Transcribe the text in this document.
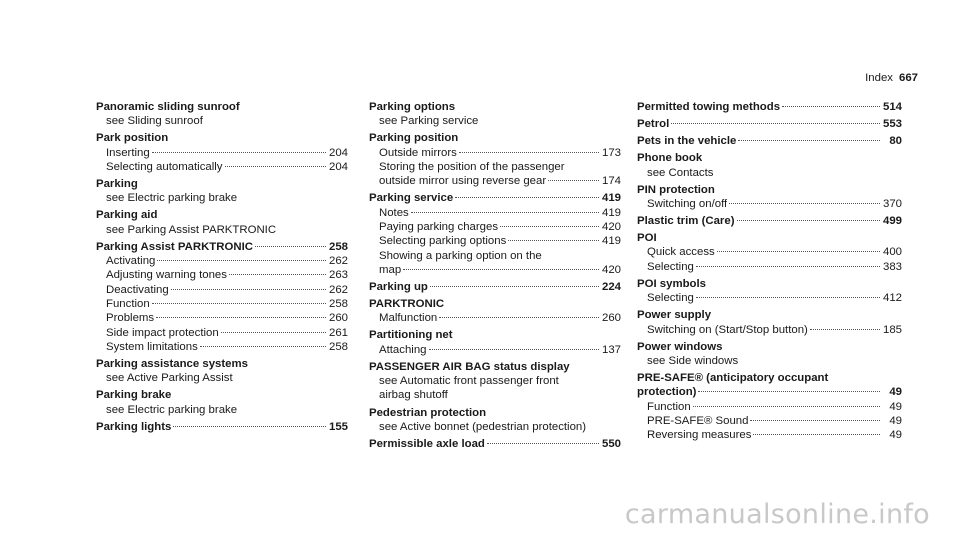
Index 667
Panoramic sliding sunroof
see Sliding sunroof
Park position
Inserting	204
Selecting automatically	204
Parking
see Electric parking brake
Parking aid
see Parking Assist PARKTRONIC
Parking Assist PARKTRONIC	258
Activating	262
Adjusting warning tones	263
Deactivating	262
Function	258
Problems	260
Side impact protection	261
System limitations	258
Parking assistance systems
see Active Parking Assist
Parking brake
see Electric parking brake
Parking lights	155
Parking options
see Parking service
Parking position
Outside mirrors	173
Storing the position of the passenger
outside mirror using reverse gear	174
Parking service	419
Notes	419
Paying parking charges	420
Selecting parking options	419
Showing a parking option on the
map	420
Parking up	224
PARKTRONIC
Malfunction	260
Partitioning net
Attaching	137
PASSENGER AIR BAG status display
see Automatic front passenger front
airbag shutoff
Pedestrian protection
see Active bonnet (pedestrian protection)
Permissible axle load	550
Permitted towing methods	514
Petrol	553
Pets in the vehicle	80
Phone book
see Contacts
PIN protection
Switching on/off	370
Plastic trim (Care)	499
POI
Quick access	400
Selecting	383
POI symbols
Selecting	412
Power supply
Switching on (Start/Stop button)	185
Power windows
see Side windows
PRE-SAFE® (anticipatory occupant
protection)	49
Function	49
PRE-SAFE® Sound	49
Reversing measures	49
carmanualsonline.info
